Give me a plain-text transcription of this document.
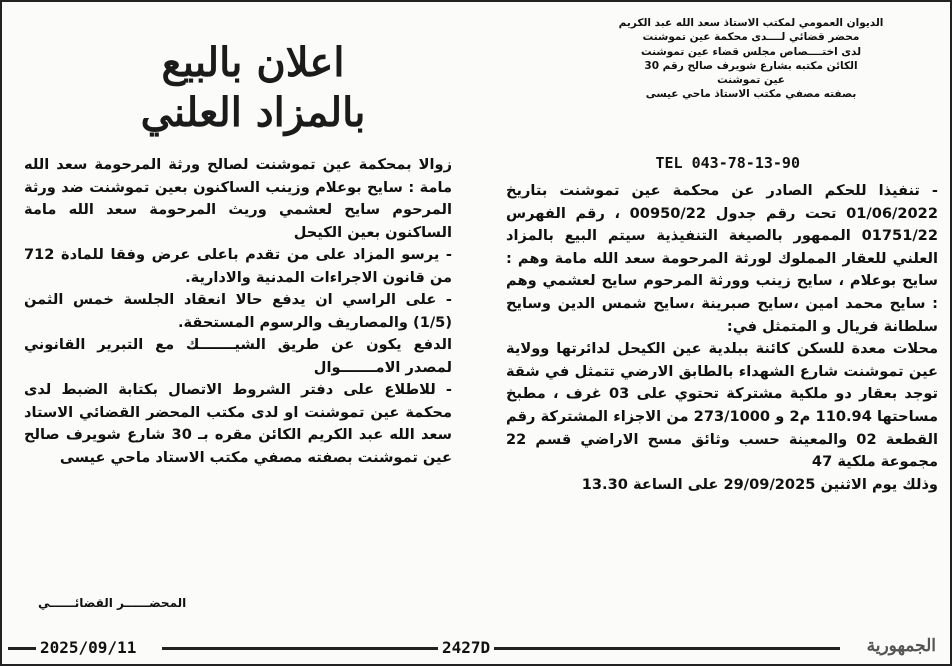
الديوان العمومي لمكتب الاستاذ سعد الله عبد الكريم
محضر قضائي لــــدى محكمة عين تموشنت
لدى اختــــصاص مجلس قضاء عين تموشنت
الكائن مكتبه بشارع شويرف صالح رقم 30
عين تموشنت
بصفته مصفي مكتب الاستاذ ماحي عيسى
TEL 043-78-13-90
اعلان بالبيع
بالمزاد العلني

- تنفيذا للحكم الصادر عن محكمة عين تموشنت بتاريخ 01/06/2022 تحت رقم جدول 00950/22 ، رقم الفهرس 01751/22 الممهور بالصيغة التنفيذية سيتم البيع بالمزاد العلني للعقار المملوك لورثة المرحومة سعد الله مامة وهم : سايح بوعلام ، سايح زينب وورثة المرحوم سايح لعشمي وهم : سايح محمد امين ،سايح صبرينة ،سايح شمس الدين وسايح سلطانة فريال و المتمثل في:

محلات معدة للسكن كائنة ببلدية عين الكيحل لدائرتها وولاية عين تموشنت شارع الشهداء بالطابق الارضي تتمثل في شقة توجد بعقار دو ملكية مشتركة تحتوي على 03 غرف ، مطبخ مساحتها 110.94 م2 و 273/1000 من الاجزاء المشتركة رقم القطعة 02 والمعينة حسب وثائق مسح الاراضي قسم 22 مجموعة ملكية 47

وذلك يوم الاثنين 29/09/2025 على الساعة 13.30

زوالا بمحكمة عين تموشنت لصالح ورثة المرحومة سعد الله مامة : سايح بوعلام وزينب الساكنون بعين تموشنت ضد ورثة المرحوم سايح لعشمي وريث المرحومة سعد الله مامة الساكنون بعين الكيحل

- يرسو المزاد على من تقدم باعلى عرض وفقا للمادة 712 من قانون الاجراءات المدنية والادارية.

- على الراسي ان يدفع حالا انعقاد الجلسة خمس الثمن (1/5) والمصاريف والرسوم المستحقة.

الدفع يكون عن طريق الشيـــــــك مع التبرير القانوني لمصدر الامـــــــوال

- للاطلاع على دفتر الشروط الاتصال بكتابة الضبط لدى محكمة عين تموشنت او لدى مكتب المحضر القضائي الاستاد سعد الله عبد الكريم الكائن مقره بـ 30 شارع شويرف صالح عين تموشنت بصفته مصفي مكتب الاستاد ماحي عيسى

المحضــــــر القضائــــــي
2025/09/11	2427D	الجمهورية
